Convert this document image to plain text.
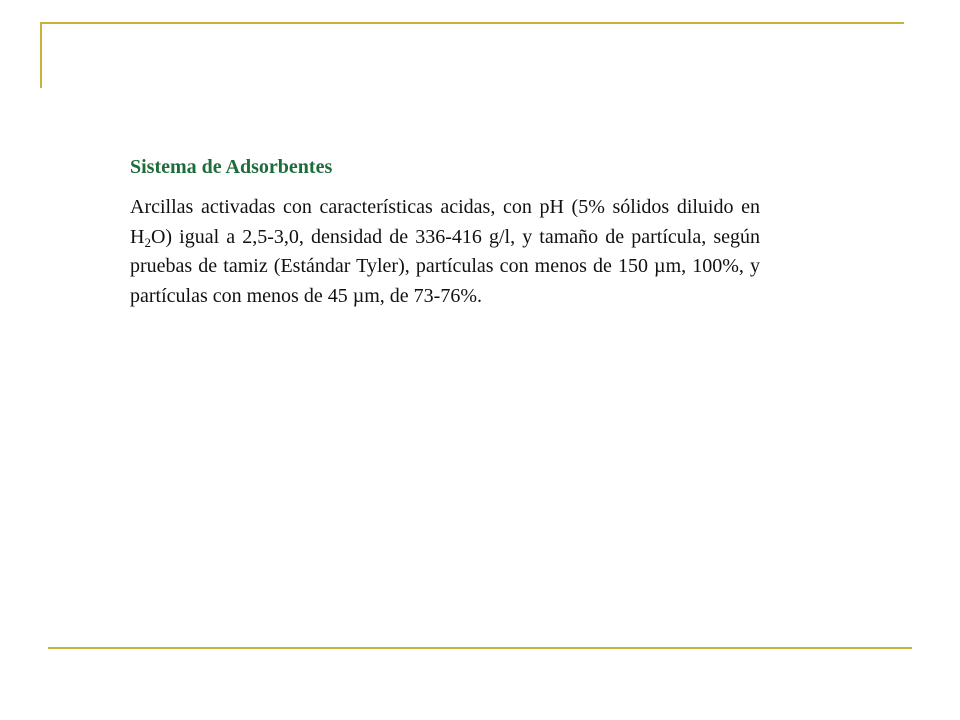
Sistema de Adsorbentes

Arcillas activadas con características acidas, con pH (5% sólidos diluido en $H_2O$) igual a 2,5-3,0, densidad de 336-416 g/l, y tamaño de partícula, según pruebas de tamiz (Estándar Tyler), partículas con menos de 150 µm, 100%, y partículas con menos de 45 µm, de 73-76%.
